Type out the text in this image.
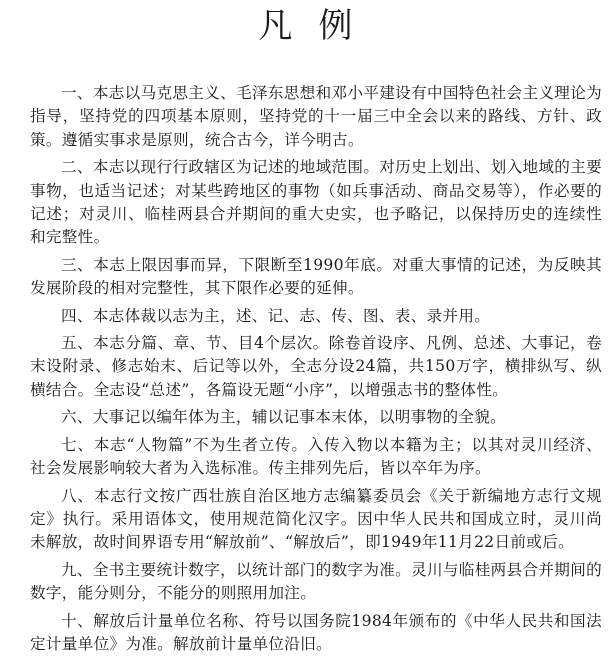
凡例

一、本志以马克思主义、毛泽东思想和邓小平建设有中国特色社会主义理论为指导，坚持党的四项基本原则，坚持党的十一届三中全会以来的路线、方针、政策。遵循实事求是原则，统合古今，详今明古。

二、本志以现行行政辖区为记述的地域范围。对历史上划出、划入地域的主要事物，也适当记述；对某些跨地区的事物（如兵事活动、商品交易等），作必要的记述；对灵川、临桂两县合并期间的重大史实，也予略记，以保持历史的连续性和完整性。

三、本志上限因事而异，下限断至1990年底。对重大事情的记述，为反映其发展阶段的相对完整性，其下限作必要的延伸。

四、本志体裁以志为主，述、记、志、传、图、表、录并用。

五、本志分篇、章、节、目4个层次。除卷首设序、凡例、总述、大事记，卷末设附录、修志始末、后记等以外，全志分设24篇，共150万字，横排纵写、纵横结合。全志设“总述”，各篇设无题“小序”，以增强志书的整体性。

六、大事记以编年体为主，辅以记事本末体，以明事物的全貌。

七、本志“人物篇”不为生者立传。入传入物以本籍为主；以其对灵川经济、社会发展影响较大者为入选标准。传主排列先后，皆以卒年为序。

八、本志行文按广西壮族自治区地方志编纂委员会《关于新编地方志行文规定》执行。采用语体文，使用规范简化汉字。因中华人民共和国成立时，灵川尚未解放，故时间界语专用“解放前”、“解放后”，即1949年11月22日前或后。

九、全书主要统计数字，以统计部门的数字为准。灵川与临桂两县合并期间的数字，能分则分，不能分的则照用加注。

十、解放后计量单位名称、符号以国务院1984年颁布的《中华人民共和国法定计量单位》为准。解放前计量单位沿旧。
